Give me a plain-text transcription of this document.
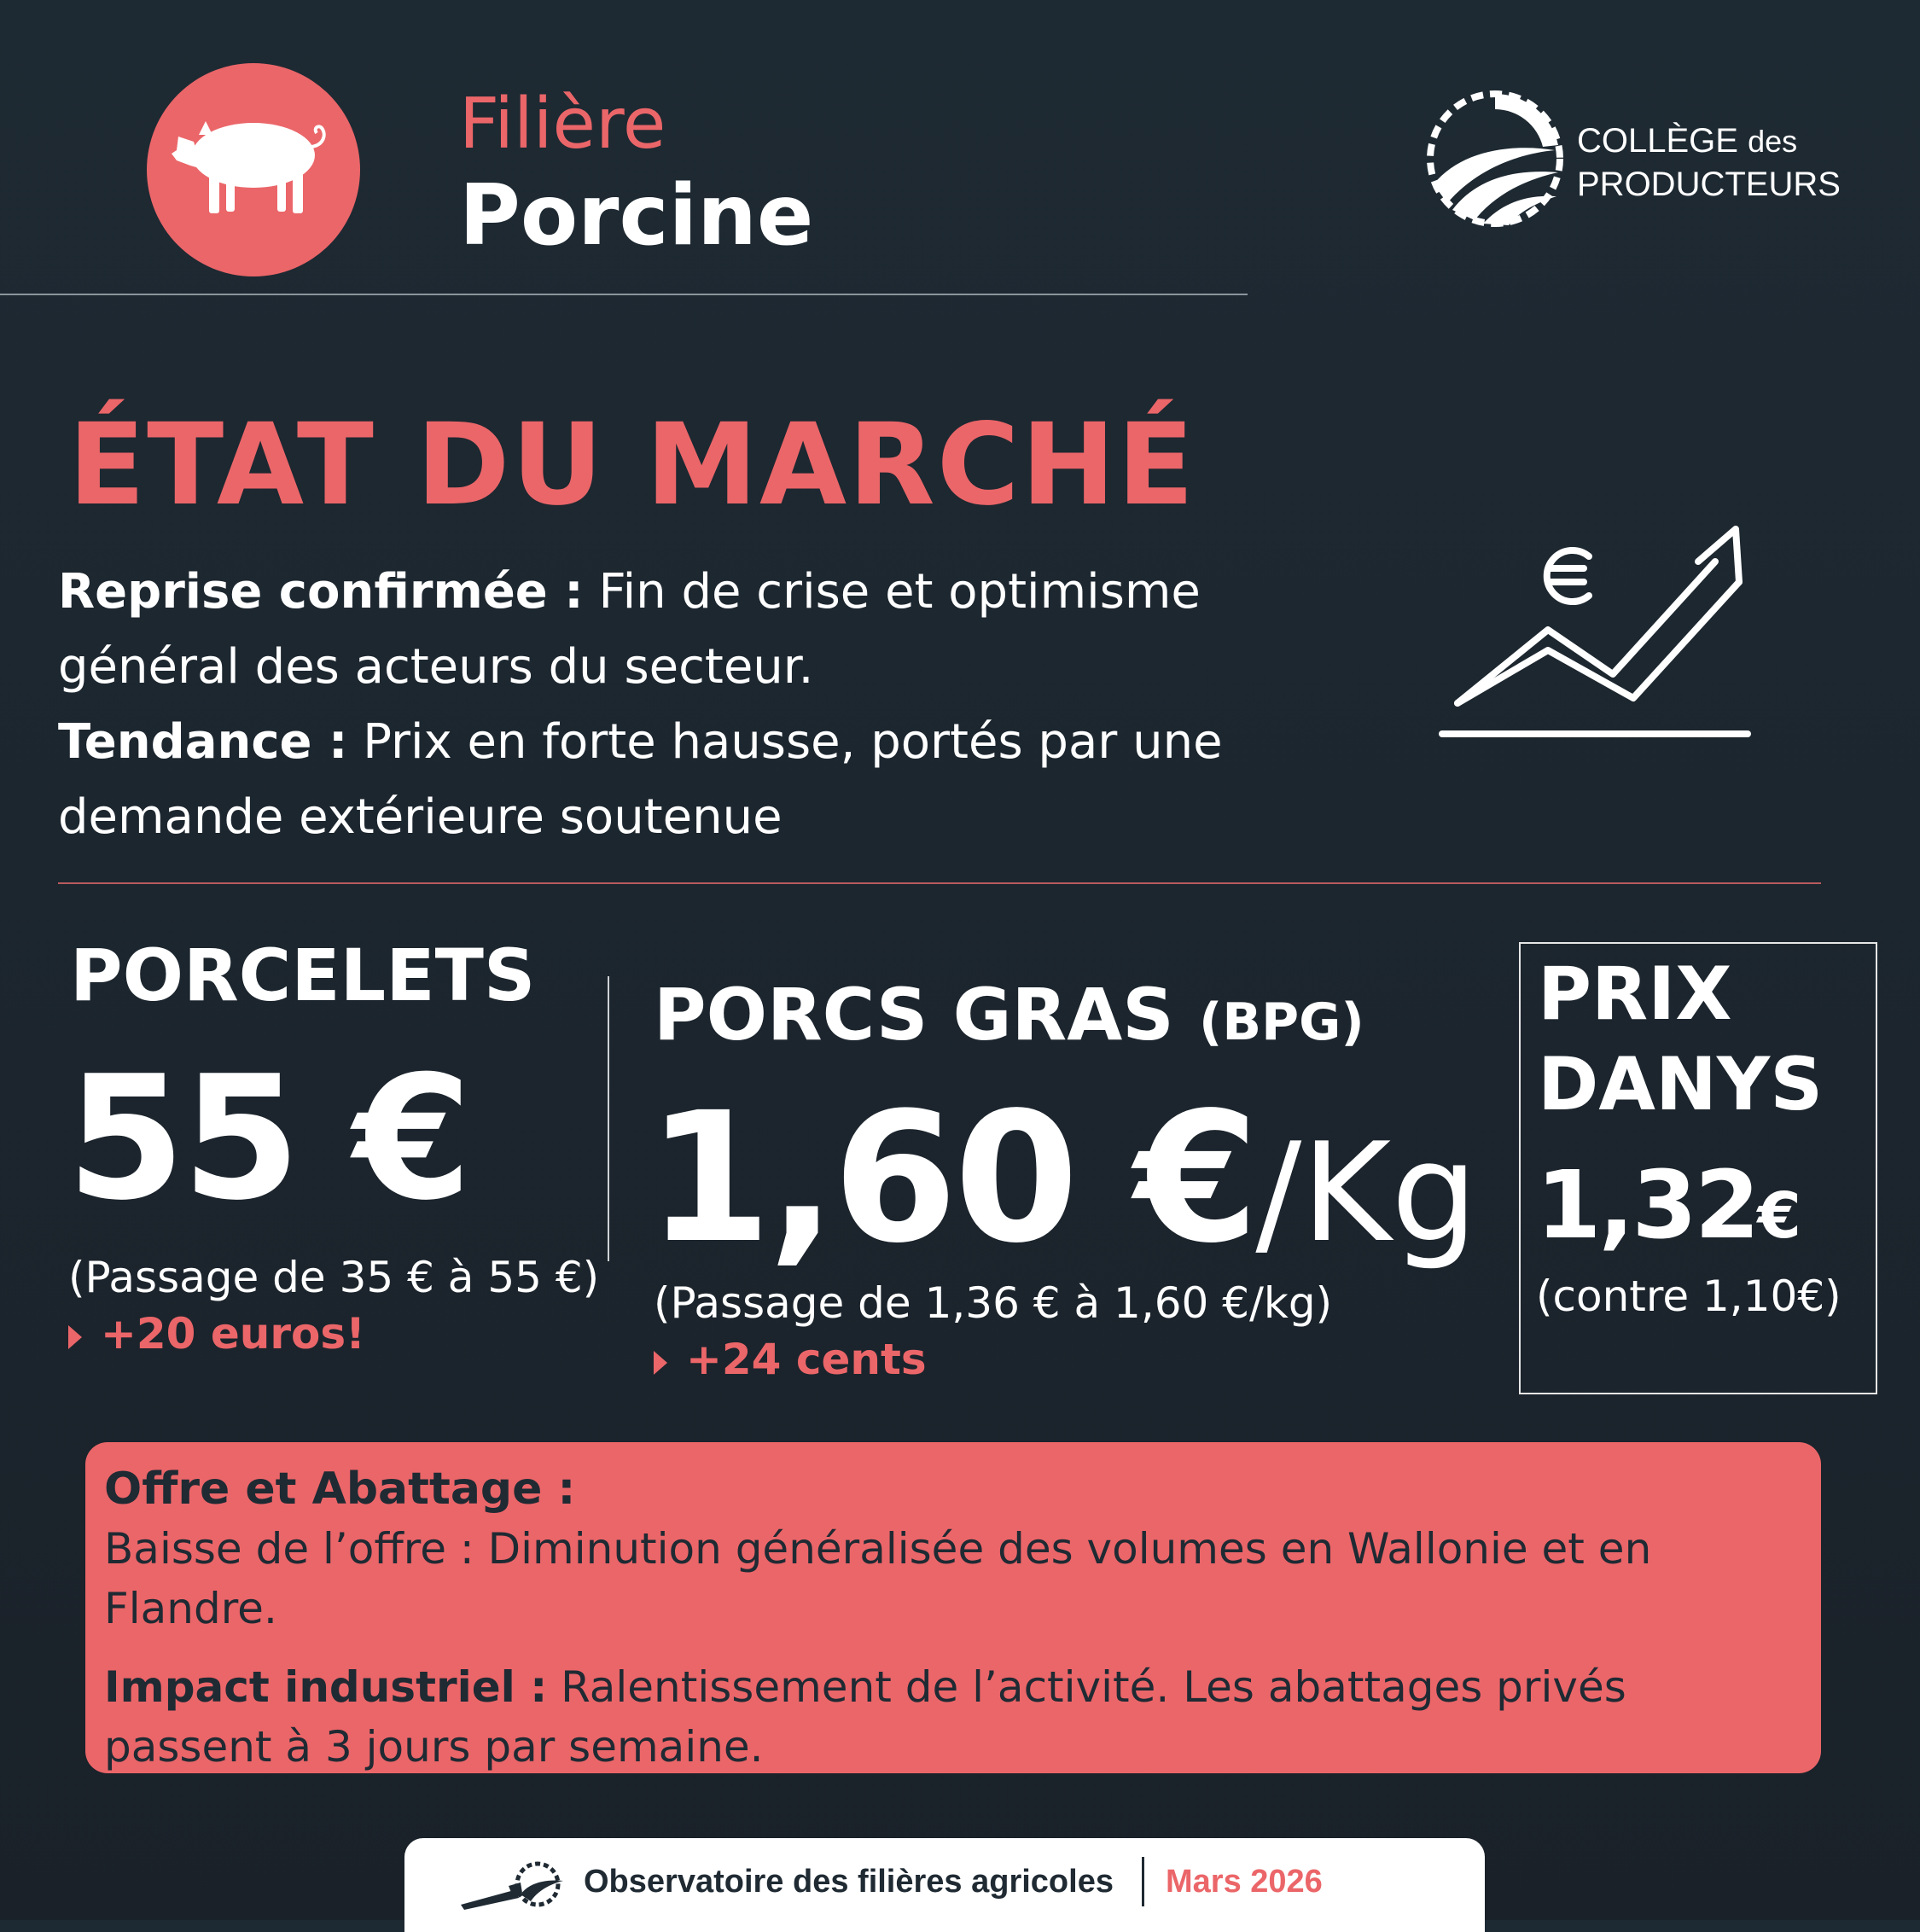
Filière
Porcine
COLLÈGE des
PRODUCTEURS
ÉTAT DU MARCHÉ
Reprise confirmée : Fin de crise et optimisme général des acteurs du secteur.
Tendance : Prix en forte hausse, portés par une demande extérieure soutenue
PORCELETS
55 €
(Passage de 35 € à 55 €)
+20 euros!
PORCS GRAS (BPG)
1,60 €/Kg
(Passage de 1,36 € à 1,60 €/kg)
+24 cents
PRIX
DANYS
1,32€
(contre 1,10€)
Offre et Abattage :
Baisse de l’offre : Diminution généralisée des volumes en Wallonie et en Flandre.
Impact industriel : Ralentissement de l’activité. Les abattages privés passent à 3 jours par semaine.
Observatoire des filières agricoles Mars 2026
